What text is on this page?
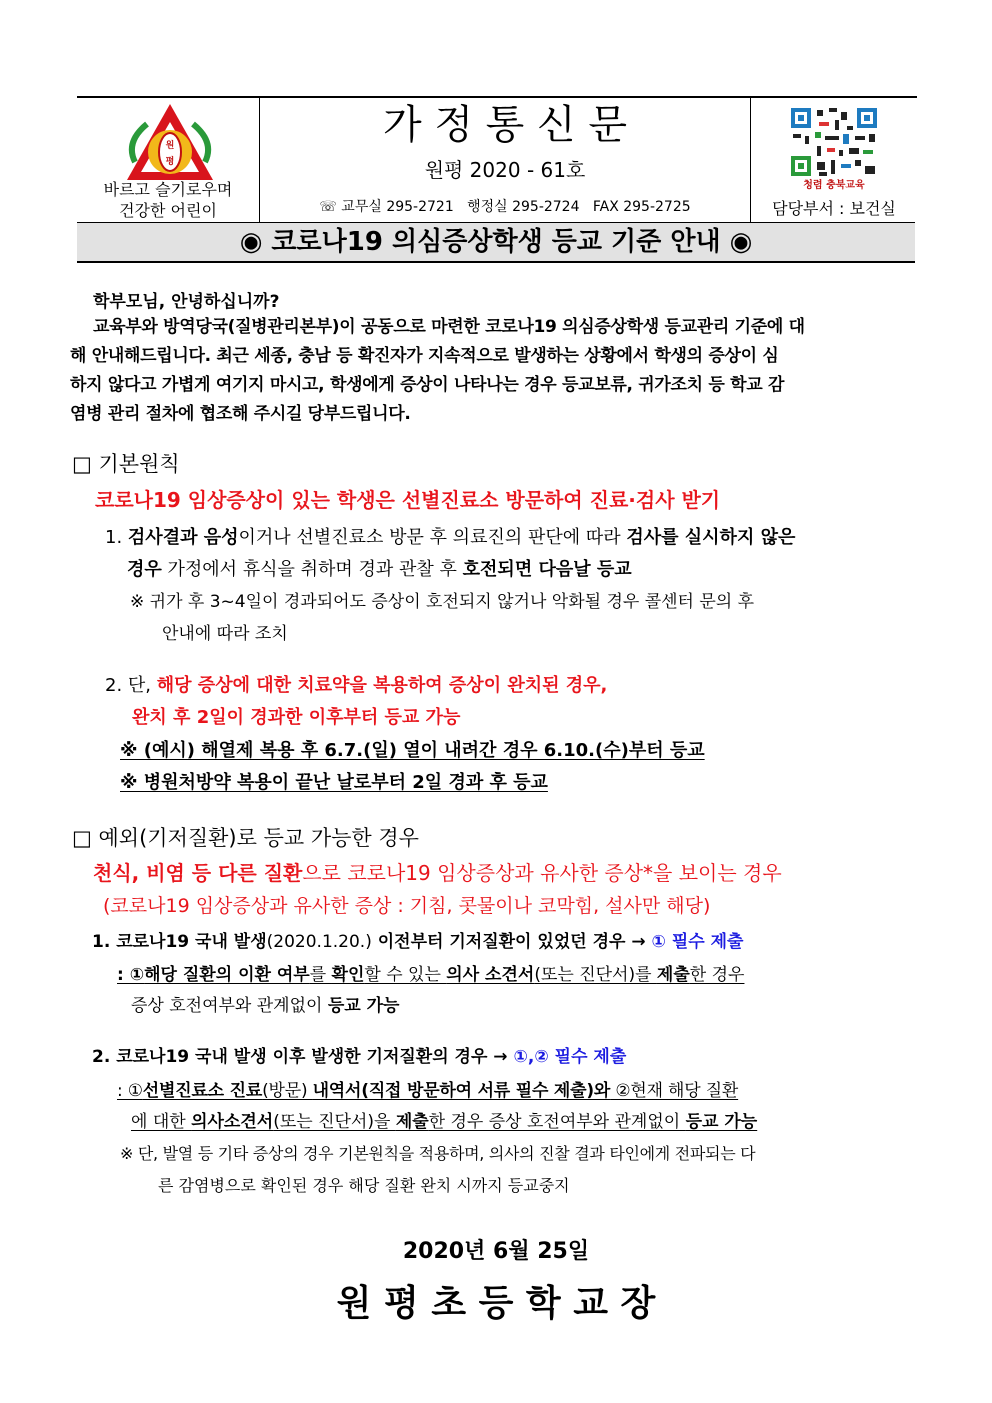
원
평
바르고 슬기로우며
건강한 어린이
가 정 통 신 문
원평 2020 - 61호
☏ 교무실 295-2721   행정실 295-2724   FAX 295-2725
청렴 충북교육
담당부서 : 보건실
◉ 코로나19 의심증상학생 등교 기준 안내 ◉
학부모님, 안녕하십니까?
교육부와 방역당국(질병관리본부)이 공동으로 마련한 코로나19 의심증상학생 등교관리 기준에 대
해 안내해드립니다. 최근 세종, 충남 등 확진자가 지속적으로 발생하는 상황에서 학생의 증상이 심
하지 않다고 가볍게 여기지 마시고, 학생에게 증상이 나타나는 경우 등교보류, 귀가조치 등 학교 감
염병 관리 절차에 협조해 주시길 당부드립니다.
□ 기본원칙
코로나19 임상증상이 있는 학생은 선별진료소 방문하여 진료·검사 받기
1. 검사결과 음성이거나 선별진료소 방문 후 의료진의 판단에 따라 검사를 실시하지 않은
경우 가정에서 휴식을 취하며 경과 관찰 후 호전되면 다음날 등교
※ 귀가 후 3~4일이 경과되어도 증상이 호전되지 않거나 악화될 경우 콜센터 문의 후
안내에 따라 조치
2. 단, 해당 증상에 대한 치료약을 복용하여 증상이 완치된 경우,
완치 후 2일이 경과한 이후부터 등교 가능
※ (예시) 해열제 복용 후 6.7.(일) 열이 내려간 경우 6.10.(수)부터 등교
※ 병원처방약 복용이 끝난 날로부터 2일 경과 후 등교
□ 예외(기저질환)로 등교 가능한 경우
천식, 비염 등 다른 질환으로 코로나19 임상증상과 유사한 증상*을 보이는 경우
(코로나19 임상증상과 유사한 증상 : 기침, 콧물이나 코막힘, 설사만 해당)
1. 코로나19 국내 발생(2020.1.20.) 이전부터 기저질환이 있었던 경우 → ① 필수 제출
: ①해당 질환의 이환 여부를 확인할 수 있는 의사 소견서(또는 진단서)를 제출한 경우
증상 호전여부와 관계없이 등교 가능
2. 코로나19 국내 발생 이후 발생한 기저질환의 경우 → ①,② 필수 제출
: ①선별진료소 진료(방문) 내역서(직접 방문하여 서류 필수 제출)와 ②현재 해당 질환
에 대한 의사소견서(또는 진단서)을 제출한 경우 증상 호전여부와 관계없이 등교 가능
※ 단, 발열 등 기타 증상의 경우 기본원칙을 적용하며, 의사의 진찰 결과 타인에게 전파되는 다
른 감염병으로 확인된 경우 해당 질환 완치 시까지 등교중지
2020년 6월 25일
원 평 초 등 학 교 장
